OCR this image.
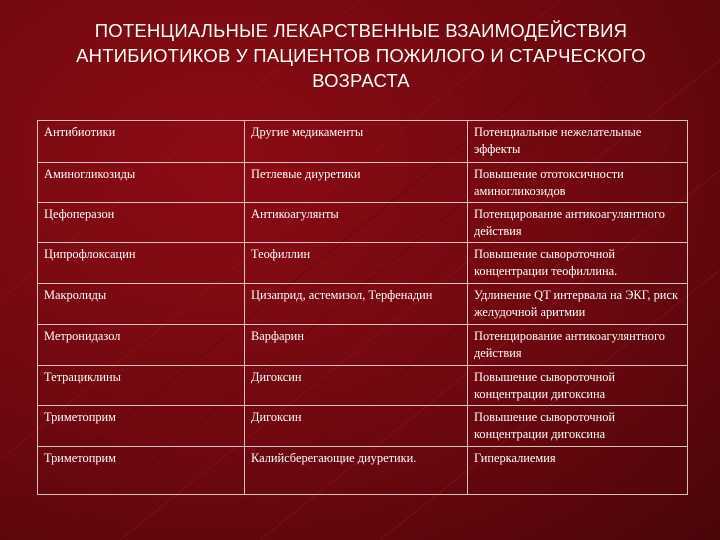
ПОТЕНЦИАЛЬНЫЕ ЛЕКАРСТВЕННЫЕ ВЗАИМОДЕЙСТВИЯ
АНТИБИОТИКОВ У ПАЦИЕНТОВ ПОЖИЛОГО И СТАРЧЕСКОГО
ВОЗРАСТА
Антибиотики	Другие медикаменты	Потенциальные нежелательные эффекты
Аминогликозиды	Петлевые диуретики	Повышение ототоксичности аминогликозидов
Цефоперазон	Антикоагулянты	Потенцирование антикоагулянтного действия
Ципрофлоксацин	Теофиллин	Повышение сывороточной концентрации теофиллина.
Макролиды	Цизаприд, астемизол, Терфенадин	Удлинение QT интервала на ЭКГ, риск желудочной аритмии
Метронидазол	Варфарин	Потенцирование антикоагулянтного действия
Тетрациклины	Дигоксин	Повышение сывороточной концентрации дигоксина
Триметоприм	Дигоксин	Повышение сывороточной концентрации дигоксина
Триметоприм	Калийсберегающие диуретики.	Гиперкалиемия
